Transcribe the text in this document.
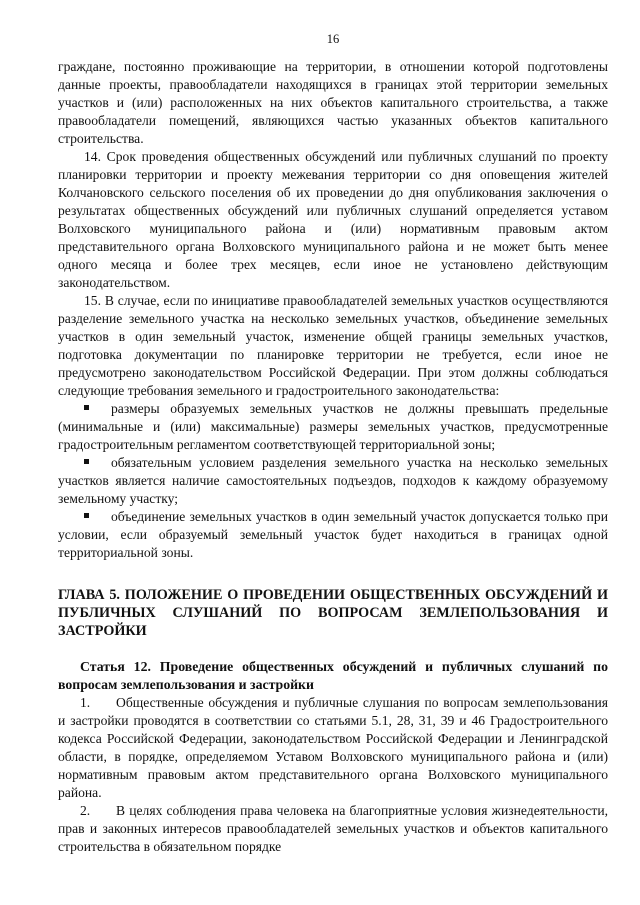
16

граждане, постоянно проживающие на территории, в отношении которой подготовлены данные проекты, правообладатели находящихся в границах этой территории земельных участков и (или) расположенных на них объектов капитального строительства, а также правообладатели помещений, являющихся частью указанных объектов капитального строительства.

14. Срок проведения общественных обсуждений или публичных слушаний по проекту планировки территории и проекту межевания территории со дня оповещения жителей Колчановского сельского поселения об их проведении до дня опубликования заключения о результатах общественных обсуждений или публичных слушаний определяется уставом Волховского муниципального района и (или) нормативным правовым актом представительного органа Волховского муниципального района и не может быть менее одного месяца и более трех месяцев, если иное не установлено действующим законодательством.

15. В случае, если по инициативе правообладателей земельных участков осуществляются разделение земельного участка на несколько земельных участков, объединение земельных участков в один земельный участок, изменение общей границы земельных участков, подготовка документации по планировке территории не требуется, если иное не предусмотрено законодательством Российской Федерации. При этом должны соблюдаться следующие требования земельного и градостроительного законодательства:

размеры образуемых земельных участков не должны превышать предельные (минимальные и (или) максимальные) размеры земельных участков, предусмотренные градостроительным регламентом соответствующей территориальной зоны;

обязательным условием разделения земельного участка на несколько земельных участков является наличие самостоятельных подъездов, подходов к каждому образуемому земельному участку;

объединение земельных участков в один земельный участок допускается только при условии, если образуемый земельный участок будет находиться в границах одной территориальной зоны.

ГЛАВА 5. ПОЛОЖЕНИЕ О ПРОВЕДЕНИИ ОБЩЕСТВЕННЫХ ОБСУЖДЕНИЙ И ПУБЛИЧНЫХ СЛУШАНИЙ ПО ВОПРОСАМ ЗЕМЛЕПОЛЬЗОВАНИЯ И ЗАСТРОЙКИ

Статья 12. Проведение общественных обсуждений и публичных слушаний по вопросам землепользования и застройки

1. Общественные обсуждения и публичные слушания по вопросам землепользования и застройки проводятся в соответствии со статьями 5.1, 28, 31, 39 и 46 Градостроительного кодекса Российской Федерации, законодательством Российской Федерации и Ленинградской области, в порядке, определяемом Уставом Волховского муниципального района и (или) нормативным правовым актом представительного органа Волховского муниципального района.

2. В целях соблюдения права человека на благоприятные условия жизнедеятельности, прав и законных интересов правообладателей земельных участков и объектов капитального строительства в обязательном порядке
